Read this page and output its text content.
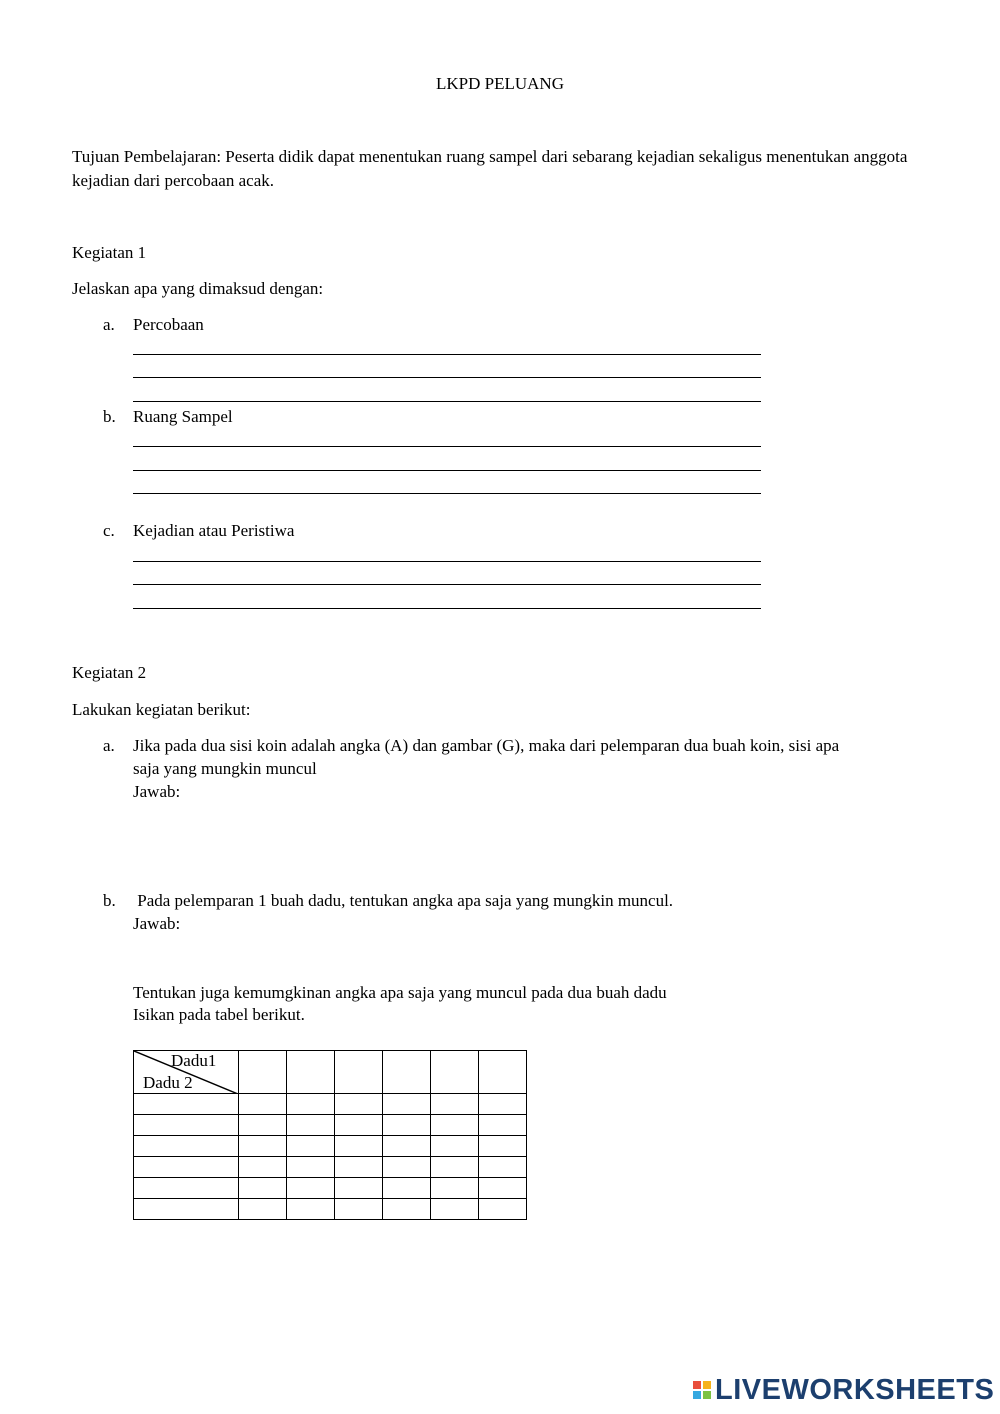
LKPD PELUANG
Tujuan Pembelajaran: Peserta didik dapat menentukan ruang sampel dari sebarang kejadian sekaligus menentukan anggota kejadian dari percobaan acak.
Kegiatan 1
Jelaskan apa yang dimaksud dengan:
a. Percobaan
b. Ruang Sampel
c. Kejadian atau Peristiwa
Kegiatan 2
Lakukan kegiatan berikut:
a. Jika pada dua sisi koin adalah angka (A) dan gambar (G), maka dari pelemparan dua buah koin, sisi apa
saja yang mungkin muncul
Jawab:
b. Pada pelemparan 1 buah dadu, tentukan angka apa saja yang mungkin muncul.
Jawab:
Tentukan juga kemumgkinan angka apa saja yang muncul pada dua buah dadu
Isikan pada tabel berikut.
Dadu1
Dadu 2						

LIVEWORKSHEETS
